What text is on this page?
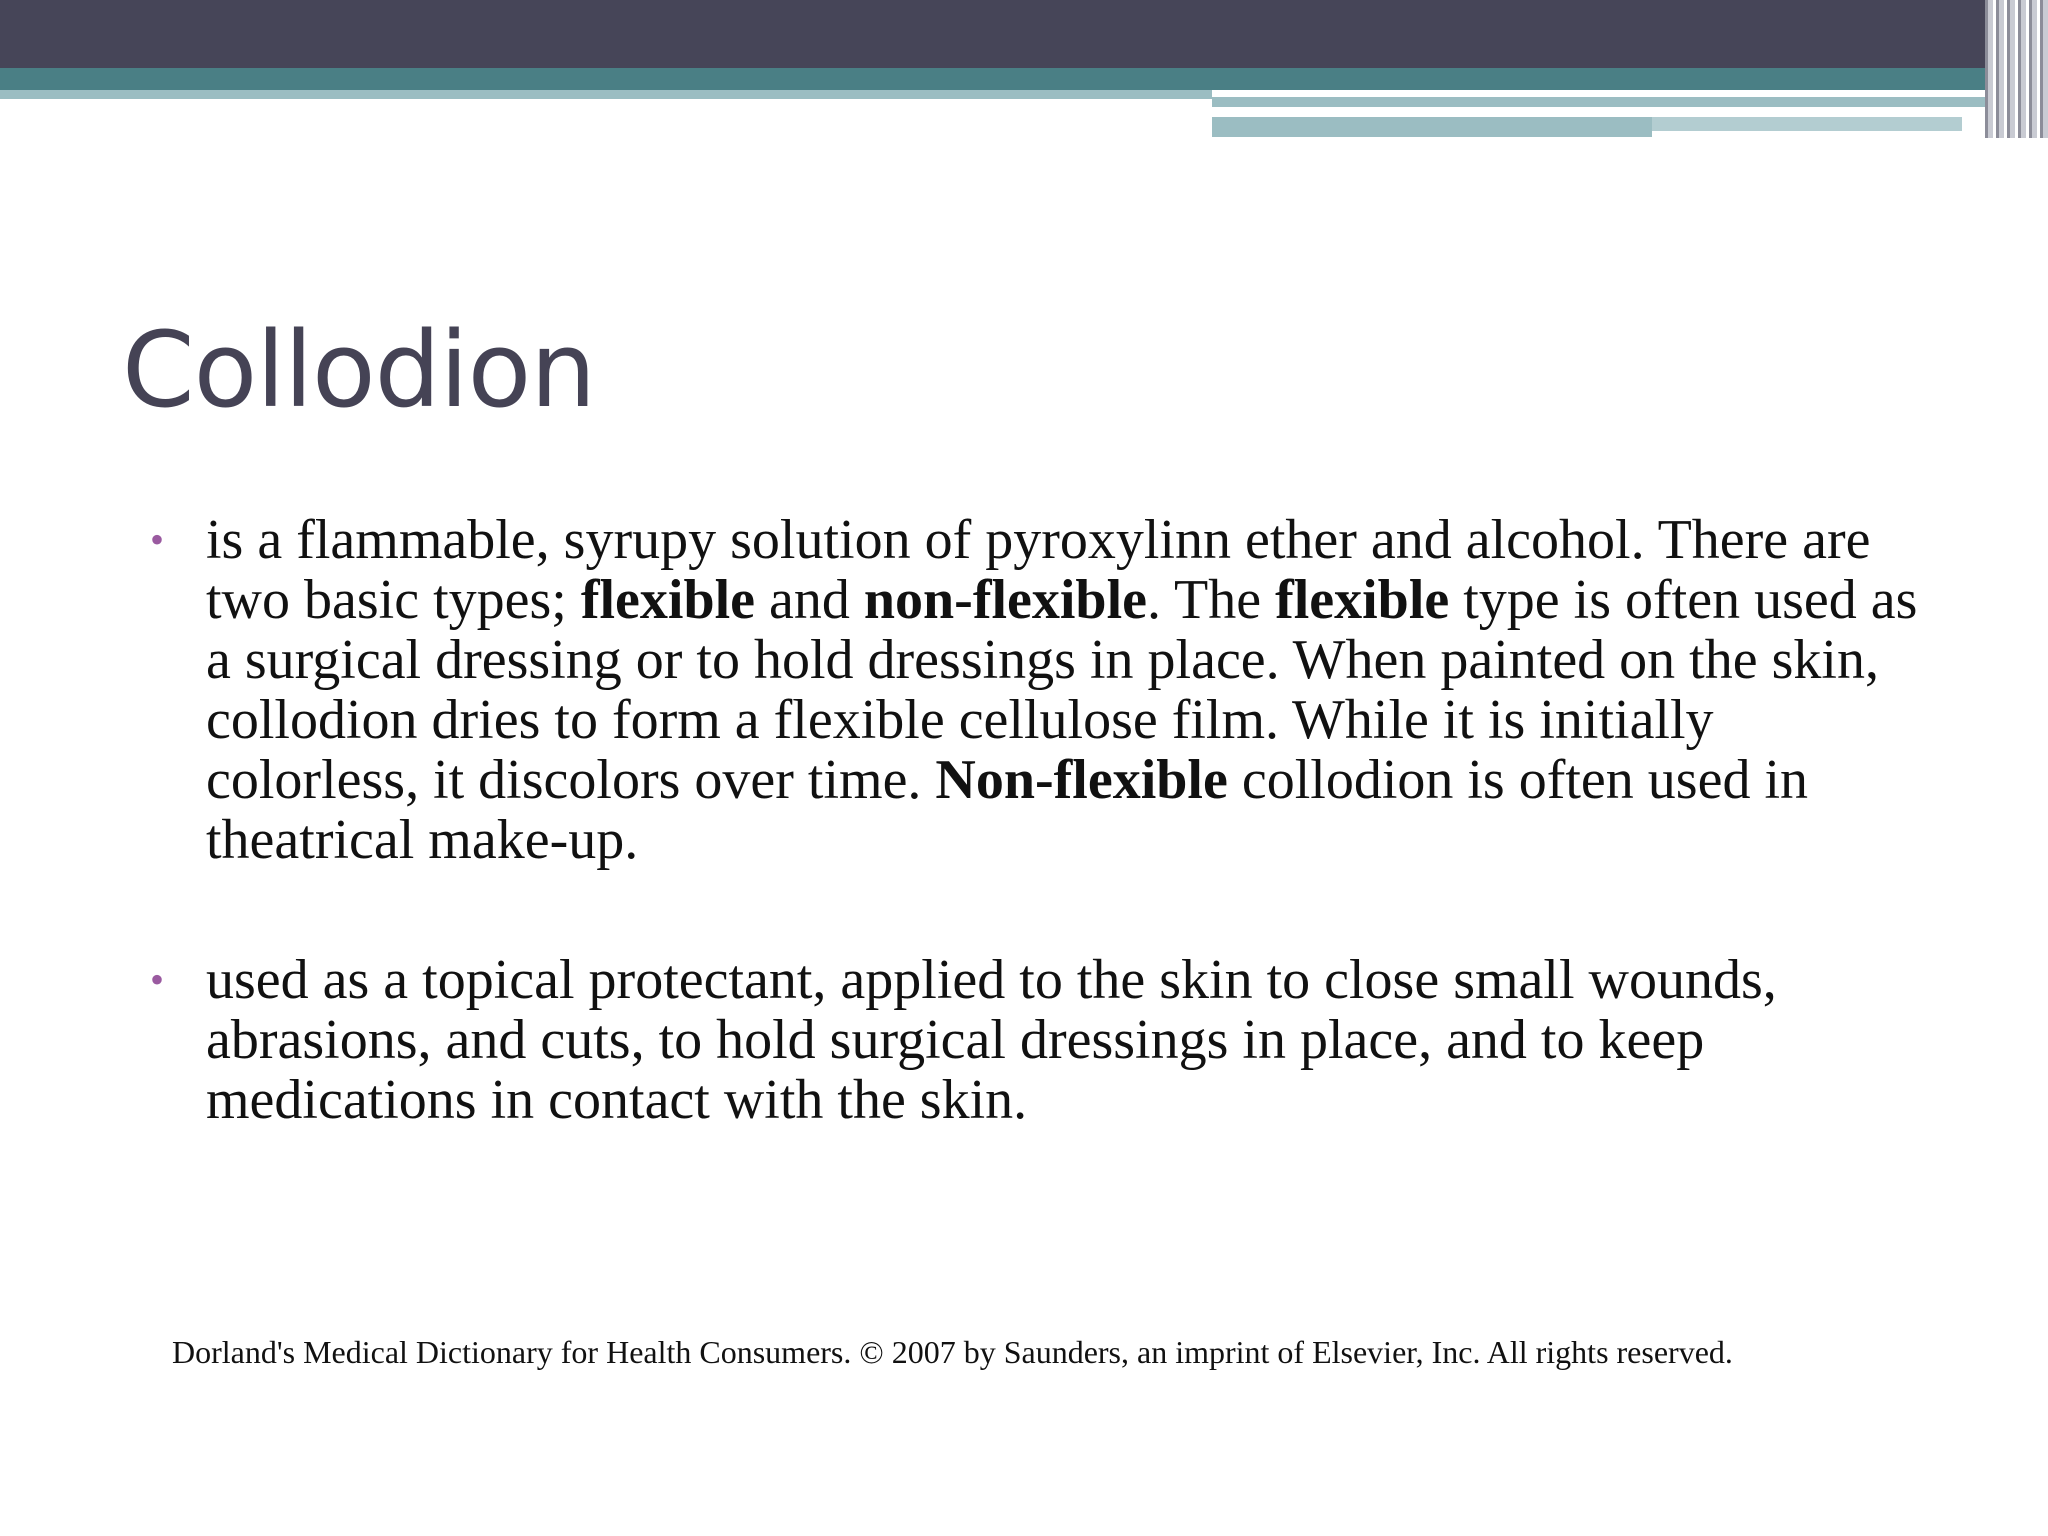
Collodion
• is a flammable, syrupy solution of pyroxylinn ether and alcohol. There are two basic types; flexible and non-flexible. The flexible type is often used as a surgical dressing or to hold dressings in place. When painted on the skin, collodion dries to form a flexible cellulose film. While it is initially colorless, it discolors over time. Non-flexible collodion is often used in theatrical make-up.
• used as a topical protectant, applied to the skin to close small wounds, abrasions, and cuts, to hold surgical dressings in place, and to keep medications in contact with the skin.

Dorland's Medical Dictionary for Health Consumers. © 2007 by Saunders, an imprint of Elsevier, Inc. All rights reserved.
